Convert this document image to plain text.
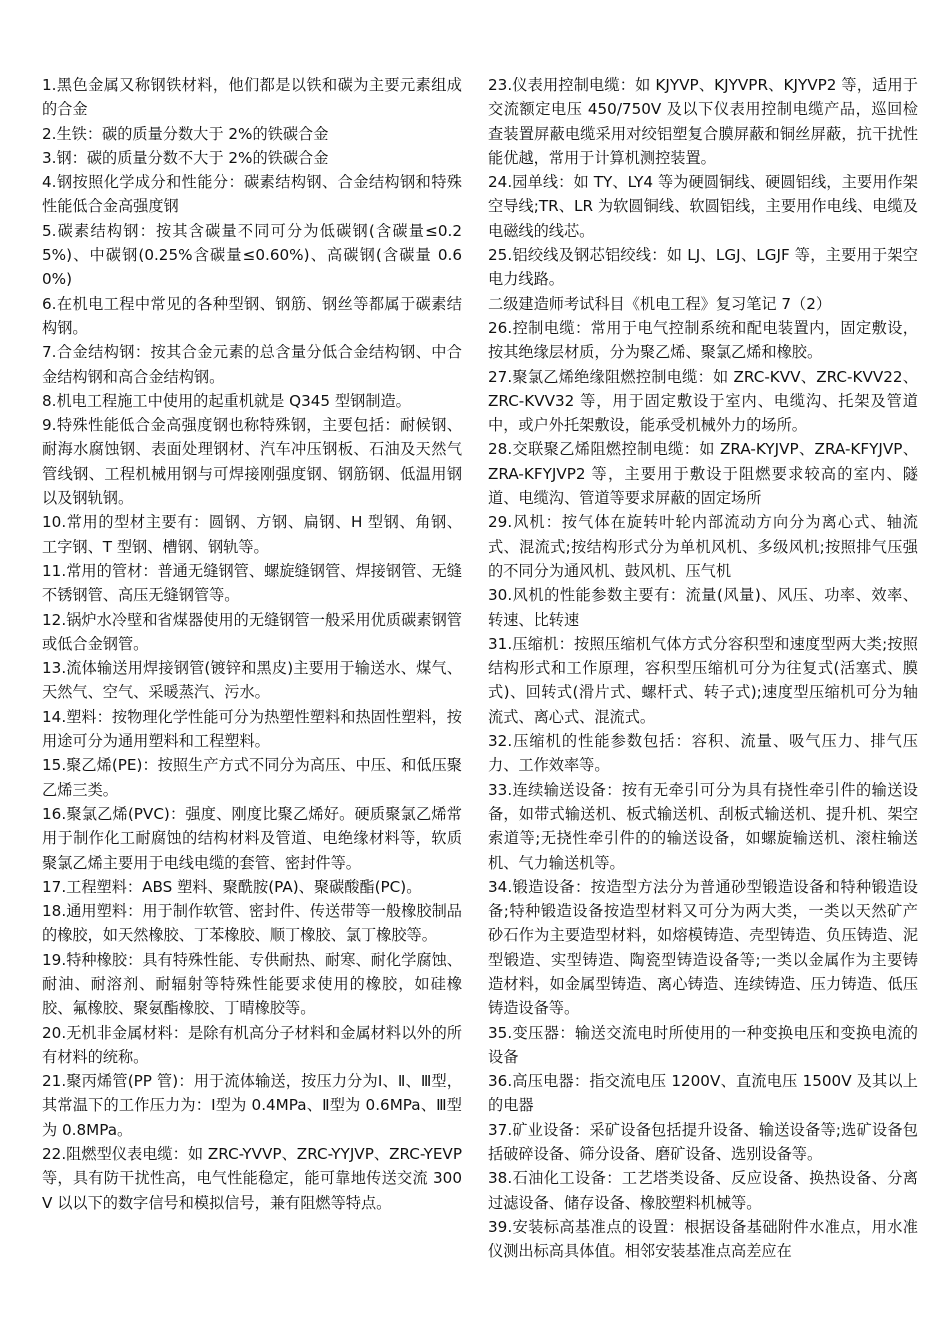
1.黑色金属又称钢铁材料，他们都是以铁和碳为主要元素组成的合金

2.生铁：碳的质量分数大于 2%的铁碳合金

3.钢：碳的质量分数不大于 2%的铁碳合金

4.钢按照化学成分和性能分：碳素结构钢、合金结构钢和特殊性能低合金高强度钢

5.碳素结构钢：按其含碳量不同可分为低碳钢(含碳量≤0.25%)、中碳钢(0.25%含碳量≤0.60%)、高碳钢(含碳量 0.60%)

6.在机电工程中常见的各种型钢、钢筋、钢丝等都属于碳素结构钢。

7.合金结构钢：按其合金元素的总含量分低合金结构钢、中合金结构钢和高合金结构钢。

8.机电工程施工中使用的起重机就是 Q345 型钢制造。

9.特殊性能低合金高强度钢也称特殊钢，主要包括：耐候钢、耐海水腐蚀钢、表面处理钢材、汽车冲压钢板、石油及天然气管线钢、工程机械用钢与可焊接刚强度钢、钢筋钢、低温用钢以及钢轨钢。

10.常用的型材主要有：圆钢、方钢、扁钢、H 型钢、角钢、工字钢、T 型钢、槽钢、钢轨等。

11.常用的管材：普通无缝钢管、螺旋缝钢管、焊接钢管、无缝不锈钢管、高压无缝钢管等。

12.锅炉水冷壁和省煤器使用的无缝钢管一般采用优质碳素钢管或低合金钢管。

13.流体输送用焊接钢管(镀锌和黑皮)主要用于输送水、煤气、天然气、空气、采暖蒸汽、污水。

14.塑料：按物理化学性能可分为热塑性塑料和热固性塑料，按用途可分为通用塑料和工程塑料。

15.聚乙烯(PE)：按照生产方式不同分为高压、中压、和低压聚乙烯三类。

16.聚氯乙烯(PVC)：强度、刚度比聚乙烯好。硬质聚氯乙烯常用于制作化工耐腐蚀的结构材料及管道、电绝缘材料等，软质聚氯乙烯主要用于电线电缆的套管、密封件等。

17.工程塑料：ABS 塑料、聚酰胺(PA)、聚碳酸酯(PC)。

18.通用塑料：用于制作软管、密封件、传送带等一般橡胶制品的橡胶，如天然橡胶、丁苯橡胶、顺丁橡胶、氯丁橡胶等。

19.特种橡胶：具有特殊性能、专供耐热、耐寒、耐化学腐蚀、耐油、耐溶剂、耐辐射等特殊性能要求使用的橡胶，如硅橡胶、氟橡胶、聚氨酯橡胶、丁晴橡胶等。

20.无机非金属材料：是除有机高分子材料和金属材料以外的所有材料的统称。

21.聚丙烯管(PP 管)：用于流体输送，按压力分为Ⅰ、Ⅱ、Ⅲ型，其常温下的工作压力为：Ⅰ型为 0.4MPa、Ⅱ型为 0.6MPa、Ⅲ型为 0.8MPa。

22.阻燃型仪表电缆：如 ZRC-YVVP、ZRC-YYJVP、ZRC-YEVP 等，具有防干扰性高，电气性能稳定，能可靠地传送交流 300V 以以下的数字信号和模拟信号，兼有阻燃等特点。

23.仪表用控制电缆：如 KJYVP、KJYVPR、KJYVP2 等，适用于交流额定电压 450/750V 及以下仪表用控制电缆产品，巡回检查装置屏蔽电缆采用对绞铝塑复合膜屏蔽和铜丝屏蔽，抗干扰性能优越，常用于计算机测控装置。

24.园单线：如 TY、LY4 等为硬圆铜线、硬圆铝线，主要用作架空导线;TR、LR 为软圆铜线、软圆铝线，主要用作电线、电缆及电磁线的线芯。

25.铝绞线及钢芯铝绞线：如 LJ、LGJ、LGJF 等，主要用于架空电力线路。

二级建造师考试科目《机电工程》复习笔记 7（2）

26.控制电缆：常用于电气控制系统和配电装置内，固定敷设，按其绝缘层材质，分为聚乙烯、聚氯乙烯和橡胶。

27.聚氯乙烯绝缘阻燃控制电缆：如 ZRC-KVV、ZRC-KVV22、ZRC-KVV32 等，用于固定敷设于室内、电缆沟、托架及管道中，或户外托架敷设，能承受机械外力的场所。

28.交联聚乙烯阻燃控制电缆：如 ZRA-KYJVP、ZRA-KFYJVP、ZRA-KFYJVP2 等，主要用于敷设于阻燃要求较高的室内、隧道、电缆沟、管道等要求屏蔽的固定场所

29.风机：按气体在旋转叶轮内部流动方向分为离心式、轴流式、混流式;按结构形式分为单机风机、多级风机;按照排气压强的不同分为通风机、鼓风机、压气机

30.风机的性能参数主要有：流量(风量)、风压、功率、效率、转速、比转速

31.压缩机：按照压缩机气体方式分容积型和速度型两大类;按照结构形式和工作原理，容积型压缩机可分为往复式(活塞式、膜式)、回转式(滑片式、螺杆式、转子式);速度型压缩机可分为轴流式、离心式、混流式。

32.压缩机的性能参数包括：容积、流量、吸气压力、排气压力、工作效率等。

33.连续输送设备：按有无牵引可分为具有挠性牵引件的输送设备，如带式输送机、板式输送机、刮板式输送机、提升机、架空索道等;无挠性牵引件的的输送设备，如螺旋输送机、滚柱输送机、气力输送机等。

34.锻造设备：按造型方法分为普通砂型锻造设备和特种锻造设备;特种锻造设备按造型材料又可分为两大类，一类以天然矿产砂石作为主要造型材料，如熔模铸造、壳型铸造、负压铸造、泥型锻造、实型铸造、陶瓷型铸造设备等;一类以金属作为主要铸造材料，如金属型铸造、离心铸造、连续铸造、压力铸造、低压铸造设备等。

35.变压器：输送交流电时所使用的一种变换电压和变换电流的设备

36.高压电器：指交流电压 1200V、直流电压 1500V 及其以上的电器

37.矿业设备：采矿设备包括提升设备、输送设备等;选矿设备包括破碎设备、筛分设备、磨矿设备、选别设备等。

38.石油化工设备：工艺塔类设备、反应设备、换热设备、分离过滤设备、储存设备、橡胶塑料机械等。

39.安装标高基准点的设置：根据设备基础附件水准点，用水准仪测出标高具体值。相邻安装基准点高差应在
